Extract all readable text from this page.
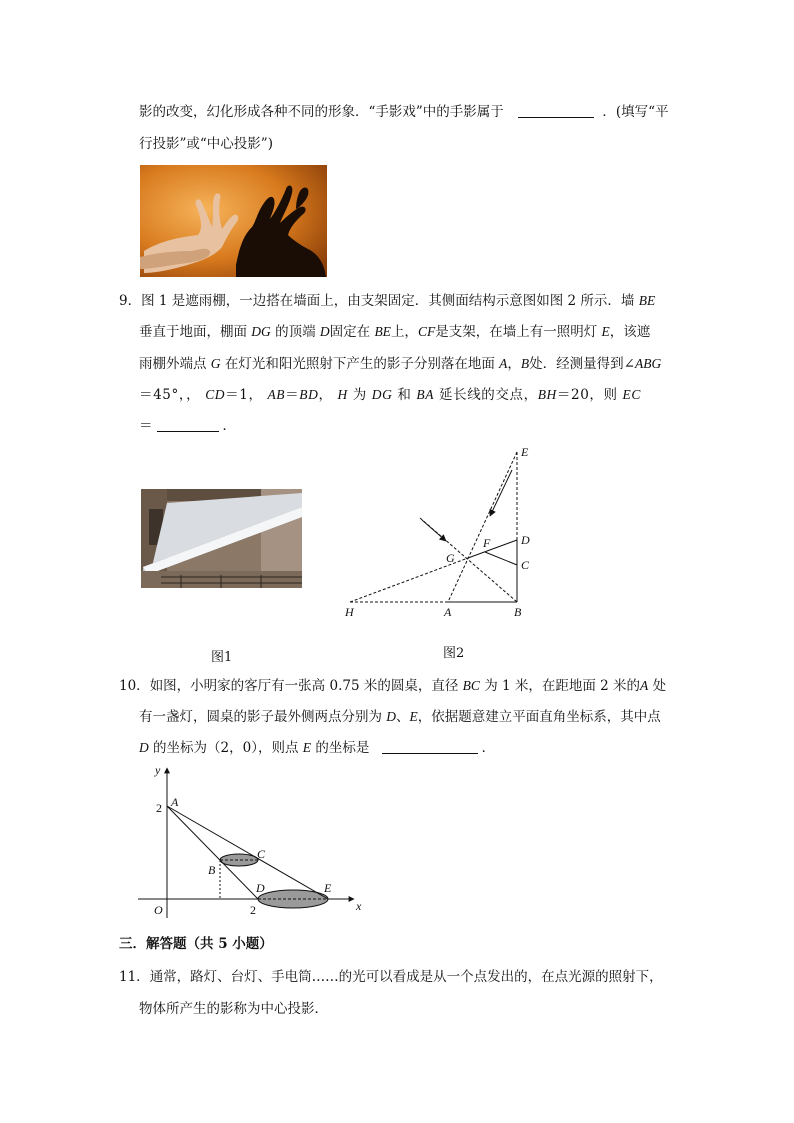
影的改变，幻化形成各种不同的形象．“手影戏”中的手影属于	．(填写“平
行投影”或“中心投影”)
9．图 1 是遮雨棚，一边搭在墙面上，由支架固定．其侧面结构示意图如图 2 所示．墙 BE
垂直于地面，棚面 DG 的顶端 D固定在 BE上，CF是支架，在墙上有一照明灯 E，该遮
雨棚外端点 G 在灯光和阳光照射下产生的影子分别落在地面 A，B处．经测量得到∠ABG
＝45°，， CD＝1， AB＝BD， H 为 DG 和 BA 延长线的交点，BH＝20，则 EC
＝	．
图1
E
D
C
F
G
H	A	B
图2
10．如图，小明家的客厅有一张高 0.75 米的圆桌，直径 BC 为 1 米，在距地面 2 米的A 处
有一盏灯，圆桌的影子最外侧两点分别为 D、E，依据题意建立平面直角坐标系，其中点
D 的坐标为（2，0），则点 E 的坐标是	．
x
y
O
A
B
C
D	E
2
2
三．解答题（共 5 小题）
11．通常，路灯、台灯、手电筒……的光可以看成是从一个点发出的，在点光源的照射下，
物体所产生的影称为中心投影．
